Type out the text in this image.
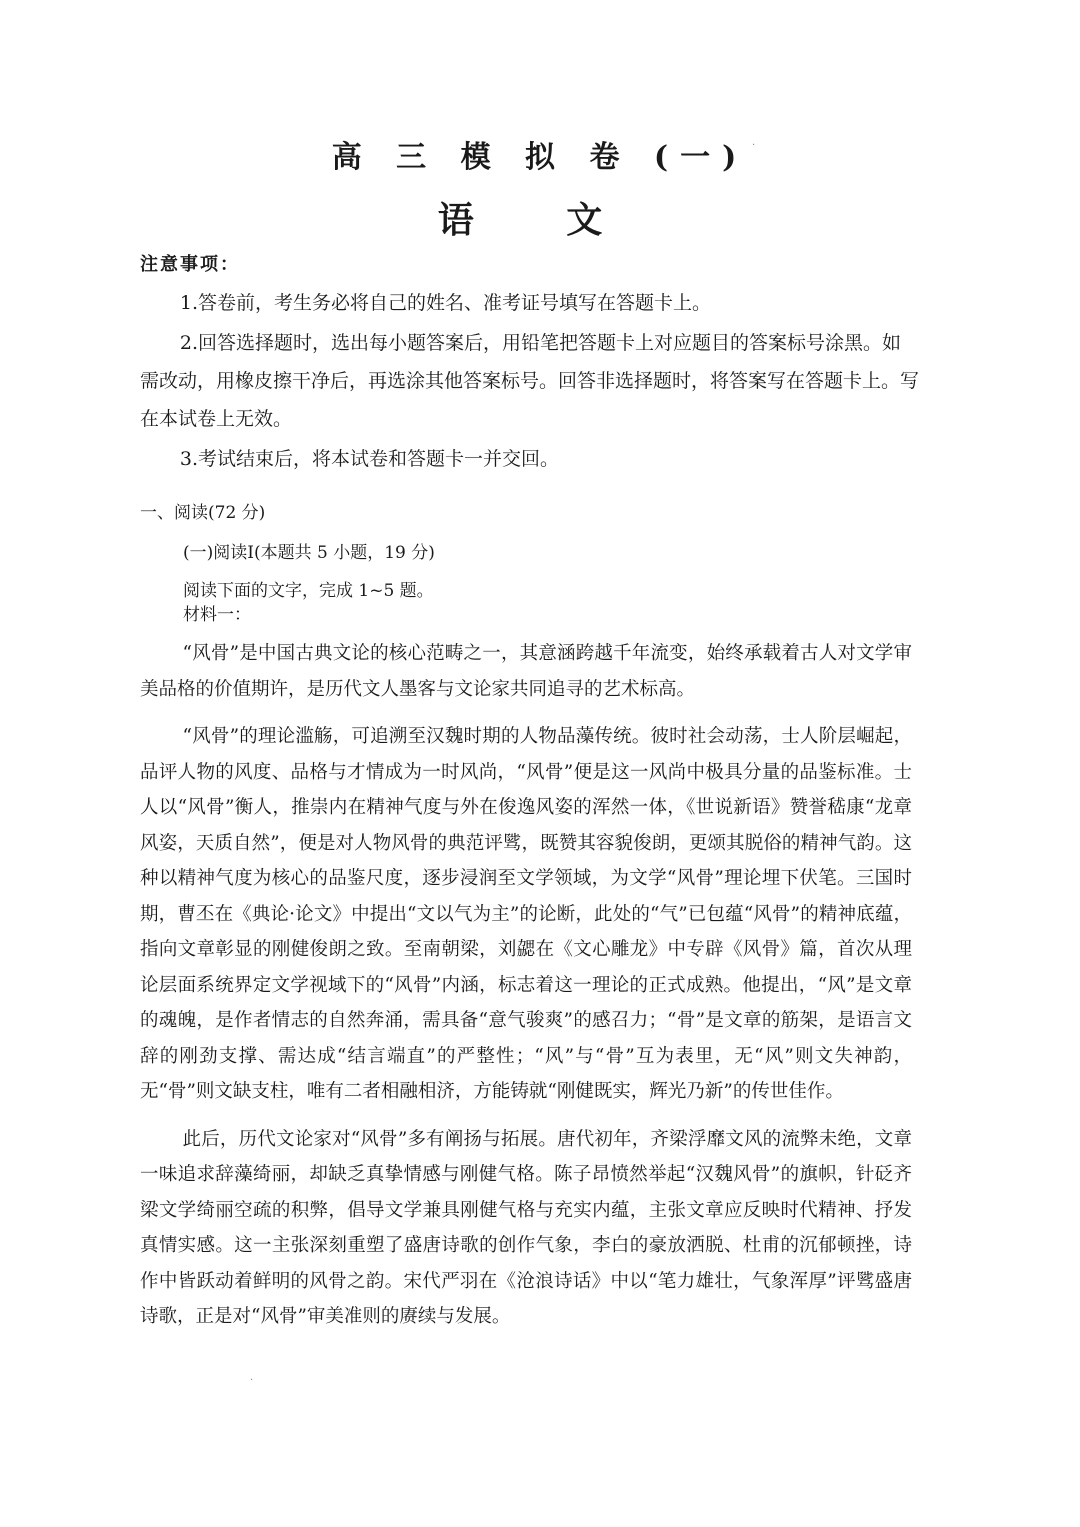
高 三 模 拟 卷 (一)
语 文
注意事项：

1.答卷前，考生务必将自己的姓名、准考证号填写在答题卡上。

2.回答选择题时，选出每小题答案后，用铅笔把答题卡上对应题目的答案标号涂黑。如需改动，用橡皮擦干净后，再选涂其他答案标号。回答非选择题时，将答案写在答题卡上。写在本试卷上无效。

3.考试结束后，将本试卷和答题卡一并交回。

一、阅读(72 分)
(一)阅读Ⅰ(本题共 5 小题，19 分)
阅读下面的文字，完成 1~5 题。
材料一：

“风骨”是中国古典文论的核心范畴之一，其意涵跨越千年流变，始终承载着古人对文学审美品格的价值期许，是历代文人墨客与文论家共同追寻的艺术标高。

“风骨”的理论滥觞，可追溯至汉魏时期的人物品藻传统。彼时社会动荡，士人阶层崛起，品评人物的风度、品格与才情成为一时风尚，“风骨”便是这一风尚中极具分量的品鉴标准。士人以“风骨”衡人，推崇内在精神气度与外在俊逸风姿的浑然一体，《世说新语》赞誉嵇康“龙章风姿，天质自然”，便是对人物风骨的典范评骘，既赞其容貌俊朗，更颂其脱俗的精神气韵。这种以精神气度为核心的品鉴尺度，逐步浸润至文学领域，为文学“风骨”理论埋下伏笔。三国时期，曹丕在《典论·论文》中提出“文以气为主”的论断，此处的“气”已包蕴“风骨”的精神底蕴，指向文章彰显的刚健俊朗之致。至南朝梁，刘勰在《文心雕龙》中专辟《风骨》篇，首次从理论层面系统界定文学视域下的“风骨”内涵，标志着这一理论的正式成熟。他提出，“风”是文章的魂魄，是作者情志的自然奔涌，需具备“意气骏爽”的感召力；“骨”是文章的筋架，是语言文辞的刚劲支撑、需达成“结言端直”的严整性；“风”与“骨”互为表里，无“风”则文失神韵，无“骨”则文缺支柱，唯有二者相融相济，方能铸就“刚健既实，辉光乃新”的传世佳作。

此后，历代文论家对“风骨”多有阐扬与拓展。唐代初年，齐梁浮靡文风的流弊未绝，文章一味追求辞藻绮丽，却缺乏真挚情感与刚健气格。陈子昂愤然举起“汉魏风骨”的旗帜，针砭齐梁文学绮丽空疏的积弊，倡导文学兼具刚健气格与充实内蕴，主张文章应反映时代精神、抒发真情实感。这一主张深刻重塑了盛唐诗歌的创作气象，李白的豪放洒脱、杜甫的沉郁顿挫，诗作中皆跃动着鲜明的风骨之韵。宋代严羽在《沧浪诗话》中以“笔力雄壮，气象浑厚”评骘盛唐诗歌，正是对“风骨”审美准则的赓续与发展。

·
·
